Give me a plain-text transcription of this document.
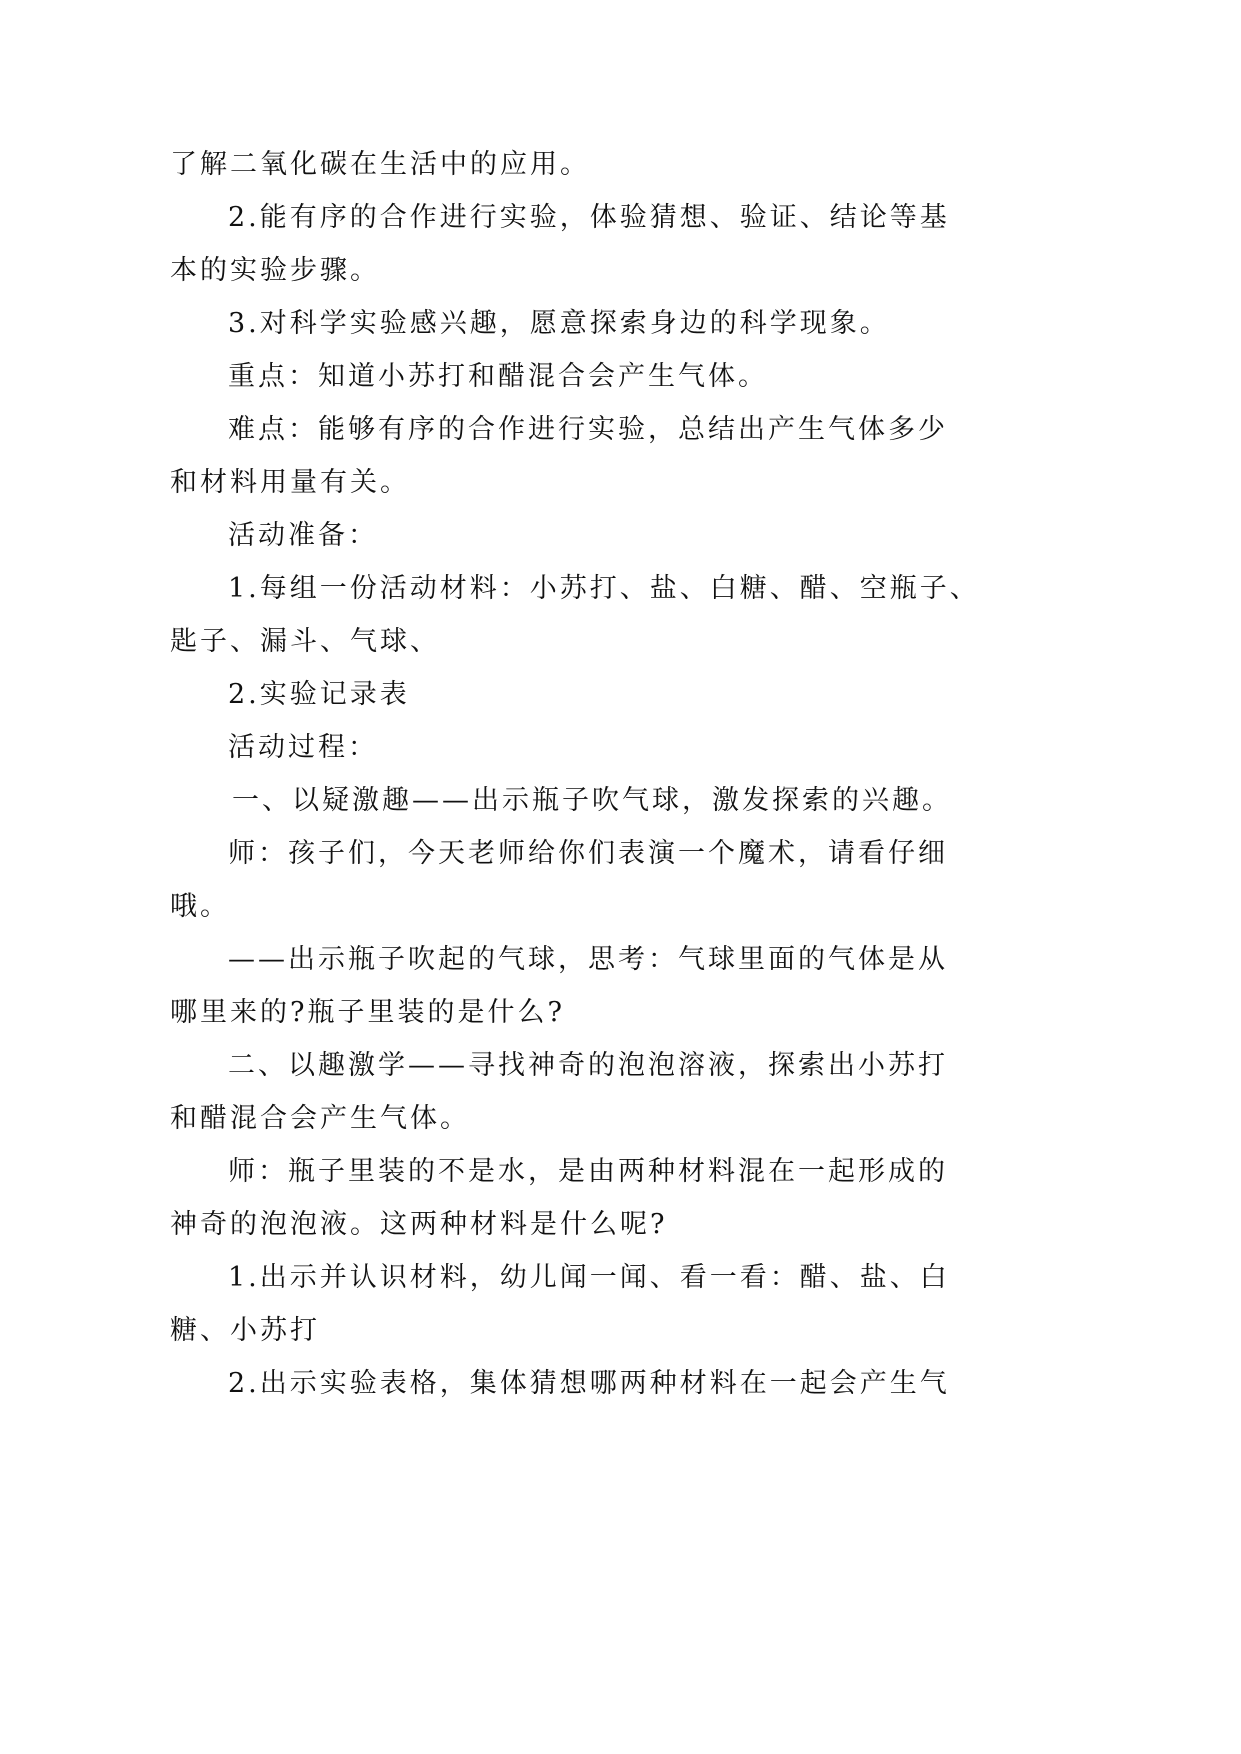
了解二氧化碳在生活中的应用。

2.能有序的合作进行实验，体验猜想、验证、结论等基

本的实验步骤。

3.对科学实验感兴趣，愿意探索身边的科学现象。

重点：知道小苏打和醋混合会产生气体。

难点：能够有序的合作进行实验，总结出产生气体多少

和材料用量有关。

活动准备：

1.每组一份活动材料：小苏打、盐、白糖、醋、空瓶子、

匙子、漏斗、气球、

2.实验记录表

活动过程：

一、以疑激趣——出示瓶子吹气球，激发探索的兴趣。

师：孩子们，今天老师给你们表演一个魔术，请看仔细

哦。

——出示瓶子吹起的气球，思考：气球里面的气体是从

哪里来的?瓶子里装的是什么?

二、以趣激学——寻找神奇的泡泡溶液，探索出小苏打

和醋混合会产生气体。

师：瓶子里装的不是水，是由两种材料混在一起形成的

神奇的泡泡液。这两种材料是什么呢?

1.出示并认识材料，幼儿闻一闻、看一看：醋、盐、白

糖、小苏打

2.出示实验表格，集体猜想哪两种材料在一起会产生气
